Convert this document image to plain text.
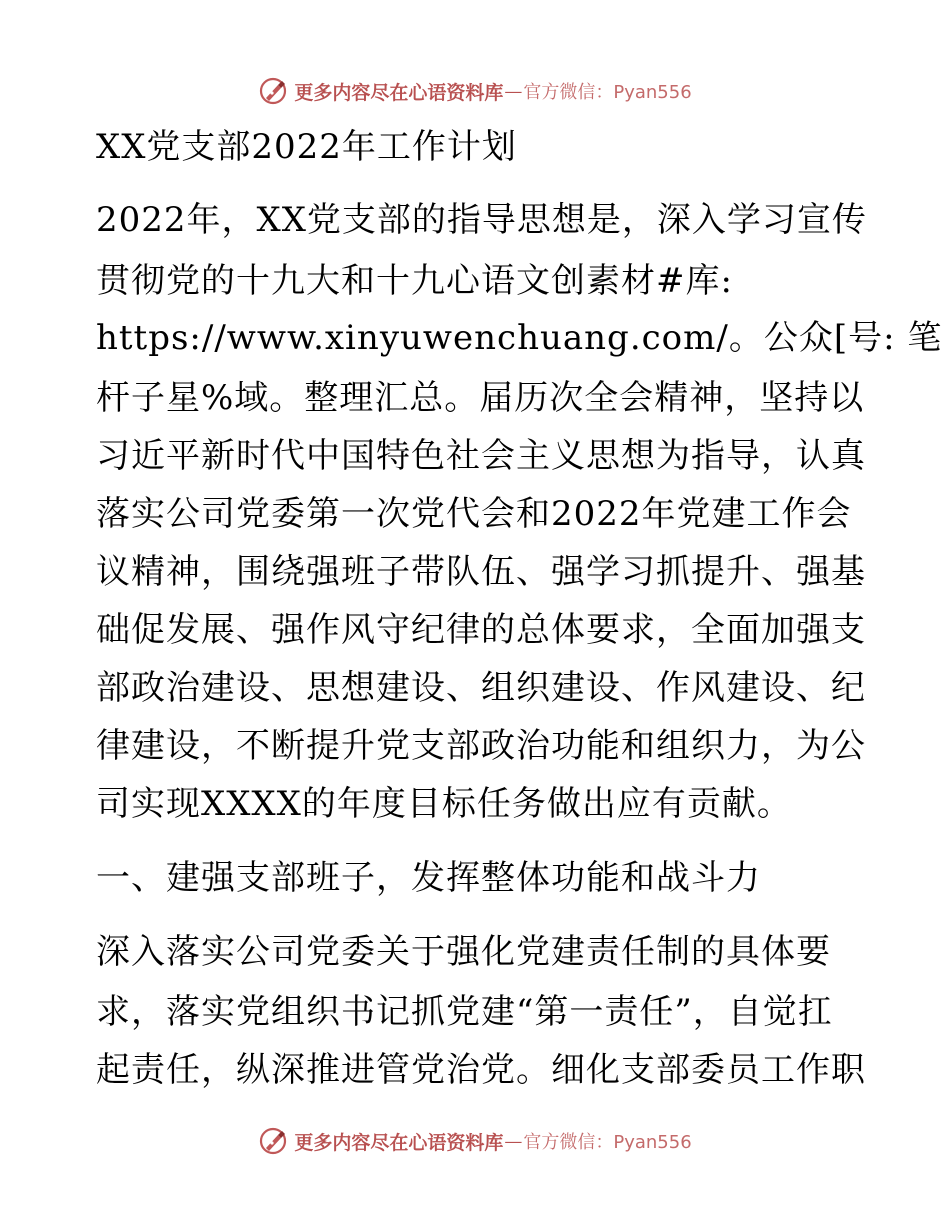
更多内容尽在心语资料库 — 官方微信：Pyan556

XX党支部2022年工作计划

2022年，XX党支部的指导思想是，深入学习宣传

贯彻党的十九大和十九心语文创素材#库:

https://www.xinyuwenchuang.com/。公众[号: 笔

杆子星%域。整理汇总。届历次全会精神，坚持以

习近平新时代中国特色社会主义思想为指导，认真

落实公司党委第一次党代会和2022年党建工作会

议精神，围绕强班子带队伍、强学习抓提升、强基

础促发展、强作风守纪律的总体要求，全面加强支

部政治建设、思想建设、组织建设、作风建设、纪

律建设，不断提升党支部政治功能和组织力，为公

司实现XXXX的年度目标任务做出应有贡献。

一、建强支部班子，发挥整体功能和战斗力

深入落实公司党委关于强化党建责任制的具体要

求，落实党组织书记抓党建“第一责任”，自觉扛

起责任，纵深推进管党治党。细化支部委员工作职

更多内容尽在心语资料库 — 官方微信：Pyan556
